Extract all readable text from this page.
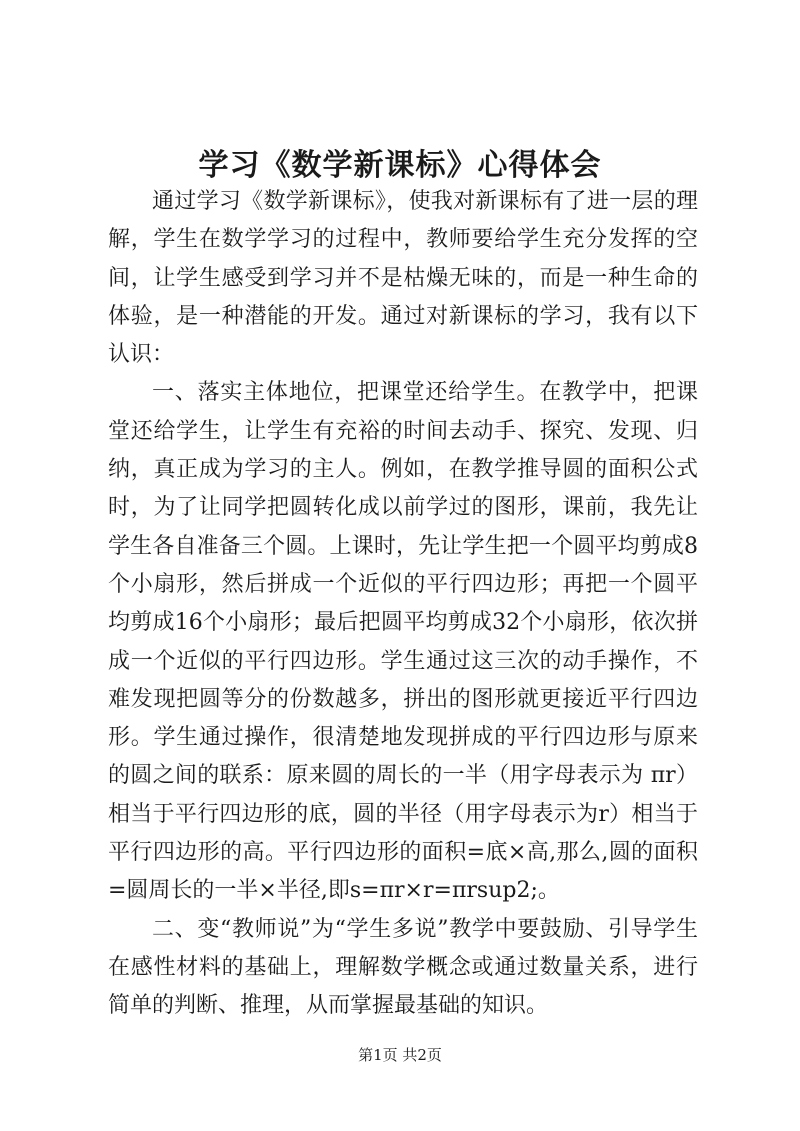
学习《数学新课标》心得体会

通过学习《数学新课标》，使我对新课标有了进一层的理解，学生在数学学习的过程中，教师要给学生充分发挥的空间，让学生感受到学习并不是枯燥无味的，而是一种生命的体验，是一种潜能的开发。通过对新课标的学习，我有以下认识：

一、落实主体地位，把课堂还给学生。在教学中，把课堂还给学生，让学生有充裕的时间去动手、探究、发现、归纳，真正成为学习的主人。例如，在教学推导圆的面积公式时，为了让同学把圆转化成以前学过的图形，课前，我先让学生各自准备三个圆。上课时，先让学生把一个圆平均剪成8个小扇形，然后拼成一个近似的平行四边形；再把一个圆平均剪成16个小扇形；最后把圆平均剪成32个小扇形，依次拼成一个近似的平行四边形。学生通过这三次的动手操作，不难发现把圆等分的份数越多，拼出的图形就更接近平行四边形。学生通过操作，很清楚地发现拼成的平行四边形与原来的圆之间的联系：原来圆的周长的一半（用字母表示为 πr）相当于平行四边形的底，圆的半径（用字母表示为r）相当于平行四边形的高。平行四边形的面积=底×高,那么,圆的面积=圆周长的一半×半径,即s=πr×r=πrsup2;。

二、变“教师说”为“学生多说”教学中要鼓励、引导学生在感性材料的基础上，理解数学概念或通过数量关系，进行简单的判断、推理，从而掌握最基础的知识。

第1页 共2页
